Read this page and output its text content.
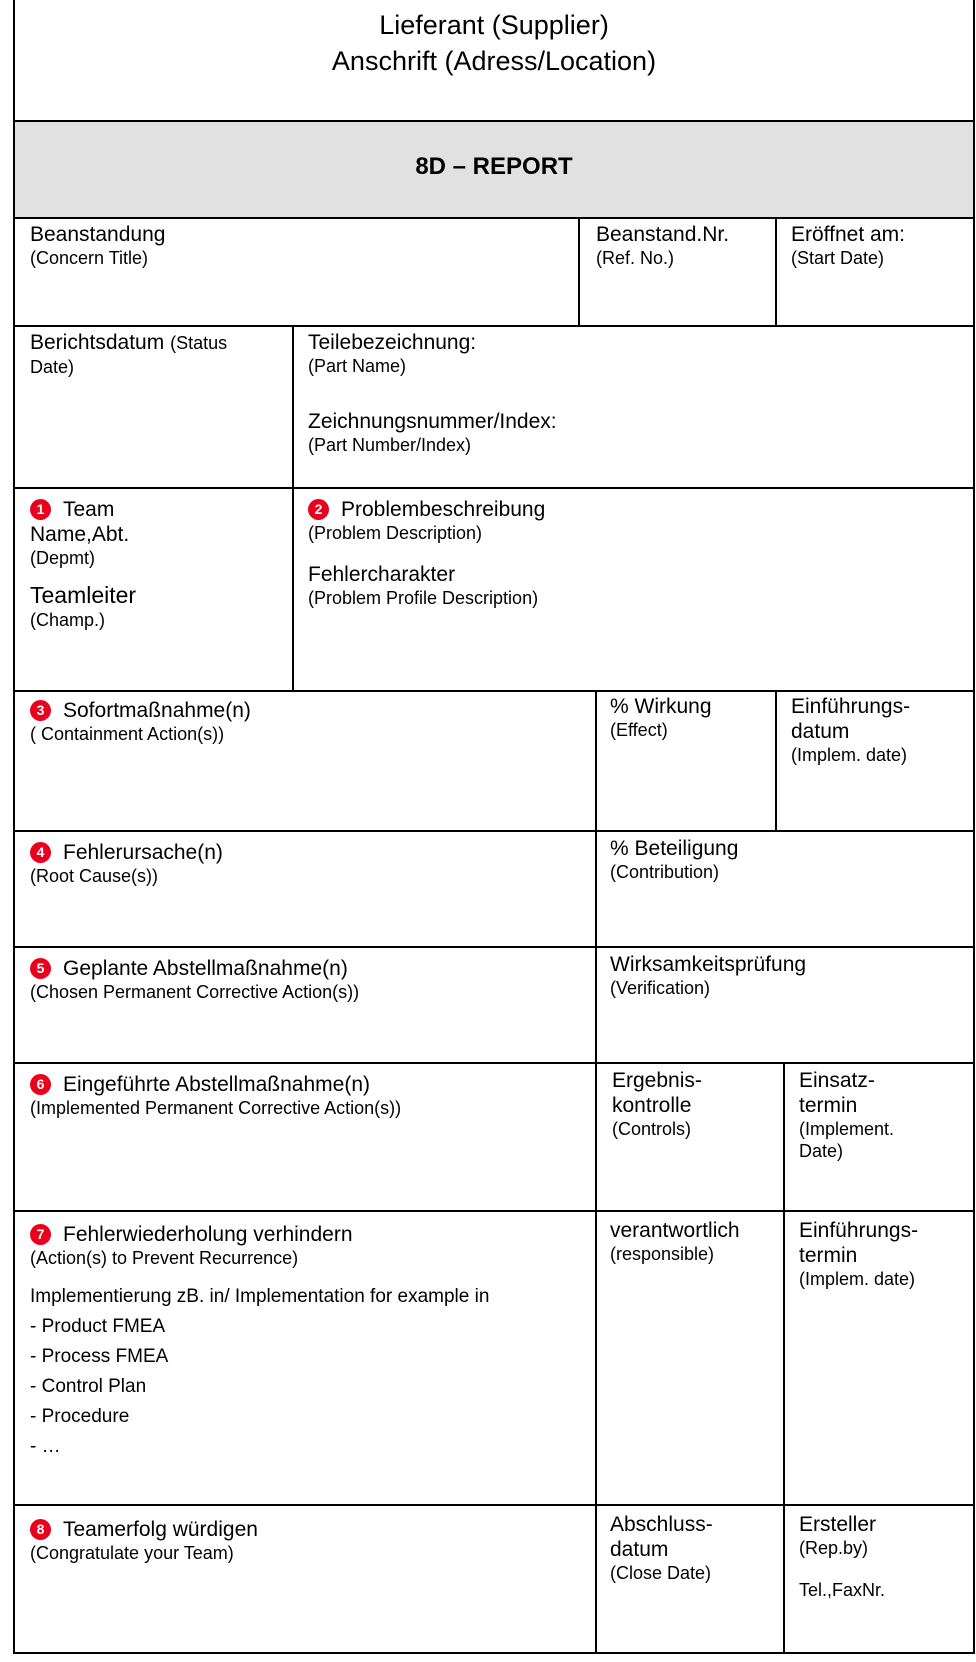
Lieferant (Supplier)
Anschrift (Adress/Location)
8D – REPORT
Beanstandung
(Concern Title)
Beanstand.Nr.
(Ref. No.)
Eröffnet am:
(Start Date)
Berichtsdatum (Status
Date)
Teilebezeichnung:
(Part Name)
Zeichnungsnummer/Index:
(Part Number/Index)
1 Team
Name,Abt.
(Depmt)
Teamleiter
(Champ.)
2 Problembeschreibung
(Problem Description)
Fehlercharakter
(Problem Profile Description)
3 Sofortmaßnahme(n)
( Containment Action(s))
% Wirkung
(Effect)
Einführungs-
datum
(Implem. date)
4 Fehlerursache(n)
(Root Cause(s))
% Beteiligung
(Contribution)
5 Geplante Abstellmaßnahme(n)
(Chosen Permanent Corrective Action(s))
Wirksamkeitsprüfung
(Verification)
6 Eingeführte Abstellmaßnahme(n)
(Implemented Permanent Corrective Action(s))
Ergebnis-
kontrolle
(Controls)
Einsatz-
termin
(Implement.
Date)
7 Fehlerwiederholung verhindern
(Action(s) to Prevent Recurrence)
Implementierung zB. in/ Implementation for example in
- Product FMEA
- Process FMEA
- Control Plan
- Procedure
- …
verantwortlich
(responsible)
Einführungs-
termin
(Implem. date)
8 Teamerfolg würdigen
(Congratulate your Team)
Abschluss-
datum
(Close Date)
Ersteller
(Rep.by)
Tel.,FaxNr.
